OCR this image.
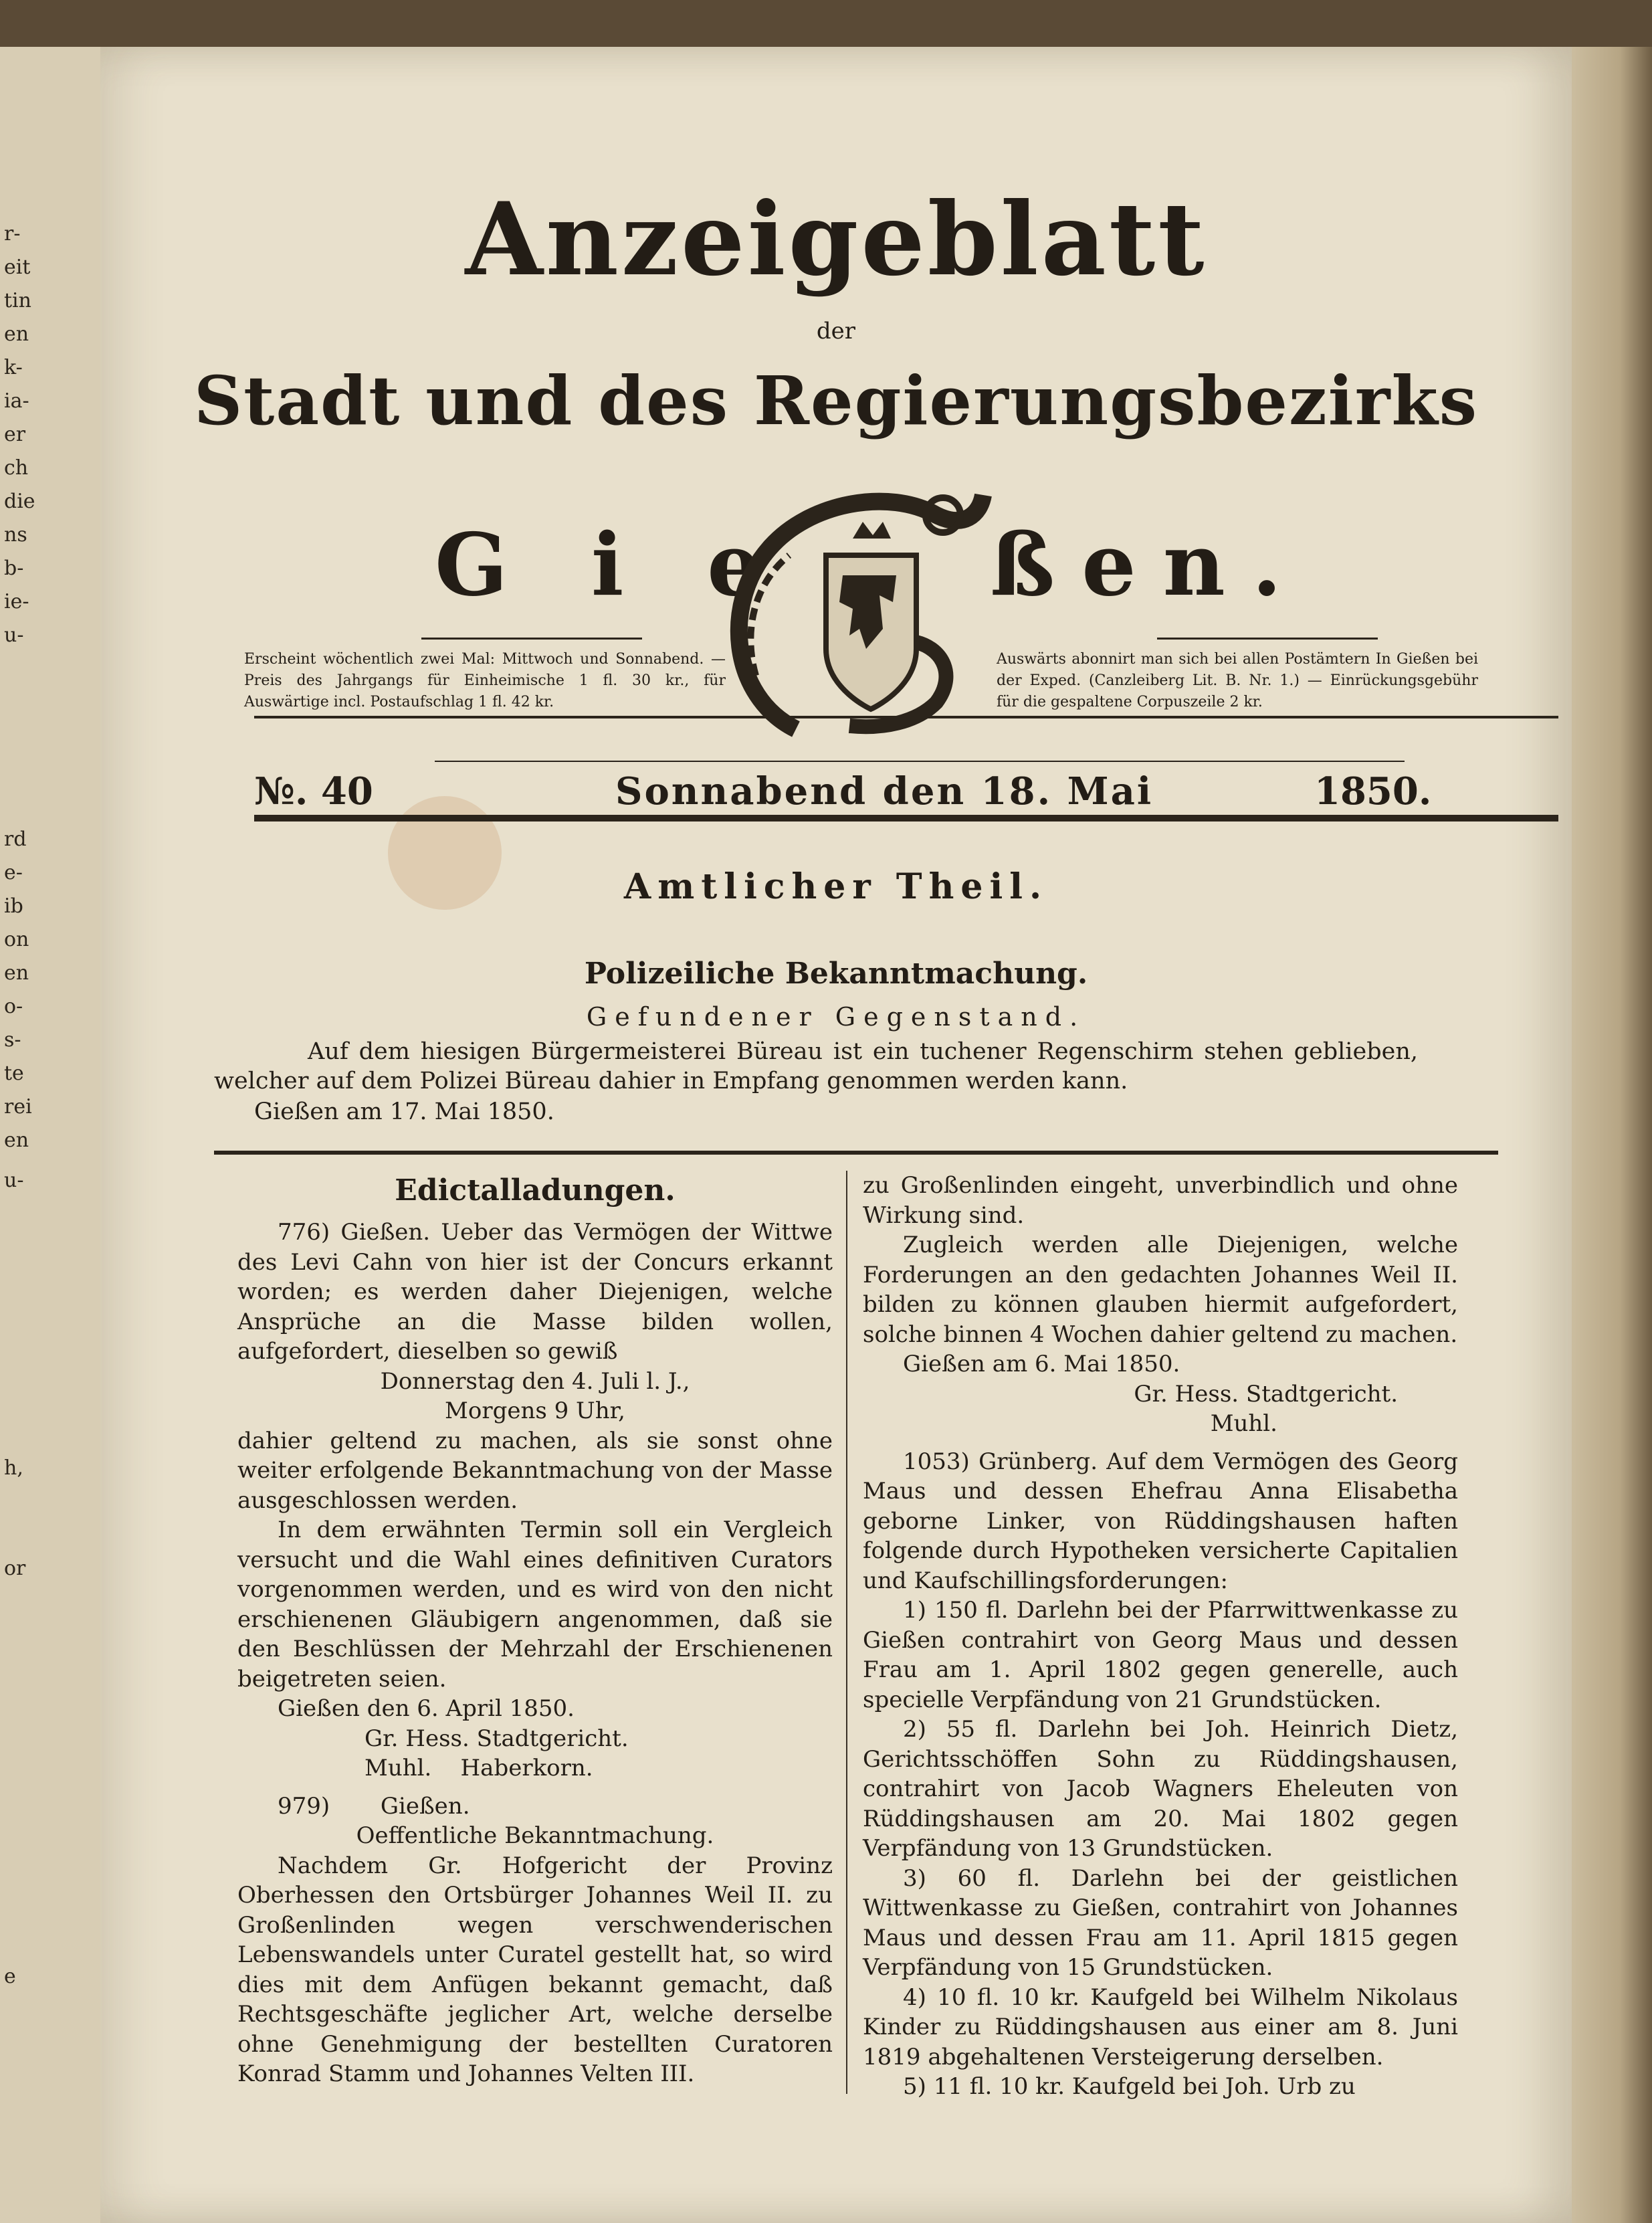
r-
eit
tin
en
k-
ia-
er
ch
die
ns
b-
ie-
u-
rd
e-
ib
on
en
o-
s-
te
rei
en
u-
h,
or
e
Anzeigeblatt
der
Stadt und des Regierungsbezirks
G i e ßen.
Erscheint wöchentlich zwei Mal: Mittwoch und Sonnabend. — Preis des Jahrgangs für Einheimische 1 fl. 30 kr., für Auswärtige incl. Postaufschlag 1 fl. 42 kr.
Auswärts abonnirt man sich bei allen Postämtern In Gießen bei der Exped. (Canzleiberg Lit. B. Nr. 1.) — Einrückungsgebühr für die gespaltene Corpuszeile 2 kr.
№. 40	Sonnabend den 18. Mai	1850.
Amtlicher Theil.
Polizeiliche Bekanntmachung.
Gefundener Gegenstand.
Auf dem hiesigen Bürgermeisterei Büreau ist ein tuchener Regenschirm stehen geblieben, welcher auf dem Polizei Büreau dahier in Empfang genommen werden kann.
Gießen am 17. Mai 1850.

Edictalladungen.

776) Gießen. Ueber das Vermögen der Wittwe des Levi Cahn von hier ist der Concurs erkannt worden; es werden daher Diejenigen, welche Ansprüche an die Masse bilden wollen, aufgefordert, dieselben so gewiß

Donnerstag den 4. Juli l. J.,

Morgens 9 Uhr,

dahier geltend zu machen, als sie sonst ohne weiter erfolgende Bekanntmachung von der Masse ausgeschlossen werden.

In dem erwähnten Termin soll ein Vergleich versucht und die Wahl eines definitiven Curators vorgenommen werden, und es wird von den nicht erschienenen Gläubigern angenommen, daß sie den Beschlüssen der Mehrzahl der Erschienenen beigetreten seien.

Gießen den 6. April 1850.

Gr. Hess. Stadtgericht.

Muhl.    Haberkorn.

979)       Gießen.

Oeffentliche Bekanntmachung.

Nachdem Gr. Hofgericht der Provinz Oberhessen den Ortsbürger Johannes Weil II. zu Großenlinden wegen verschwenderischen Lebenswandels unter Curatel gestellt hat, so wird dies mit dem Anfügen bekannt gemacht, daß Rechtsgeschäfte jeglicher Art, welche derselbe ohne Genehmigung der bestellten Curatoren Konrad Stamm und Johannes Velten III.

zu Großenlinden eingeht, unverbindlich und ohne Wirkung sind.

Zugleich werden alle Diejenigen, welche Forderungen an den gedachten Johannes Weil II. bilden zu können glauben hiermit aufgefordert, solche binnen 4 Wochen dahier geltend zu machen.

Gießen am 6. Mai 1850.

Gr. Hess. Stadtgericht.

Muhl.

1053) Grünberg. Auf dem Vermögen des Georg Maus und dessen Ehefrau Anna Elisabetha geborne Linker, von Rüddingshausen haften folgende durch Hypotheken versicherte Capitalien und Kaufschillingsforderungen:

1) 150 fl. Darlehn bei der Pfarrwittwenkasse zu Gießen contrahirt von Georg Maus und dessen Frau am 1. April 1802 gegen generelle, auch specielle Verpfändung von 21 Grundstücken.

2) 55 fl. Darlehn bei Joh. Heinrich Dietz, Gerichtsschöffen Sohn zu Rüddingshausen, contrahirt von Jacob Wagners Eheleuten von Rüddingshausen am 20. Mai 1802 gegen Verpfändung von 13 Grundstücken.

3) 60 fl. Darlehn bei der geistlichen Wittwenkasse zu Gießen, contrahirt von Johannes Maus und dessen Frau am 11. April 1815 gegen Verpfändung von 15 Grundstücken.

4) 10 fl. 10 kr. Kaufgeld bei Wilhelm Nikolaus Kinder zu Rüddingshausen aus einer am 8. Juni 1819 abgehaltenen Versteigerung derselben.

5) 11 fl. 10 kr. Kaufgeld bei Joh. Urb zu
